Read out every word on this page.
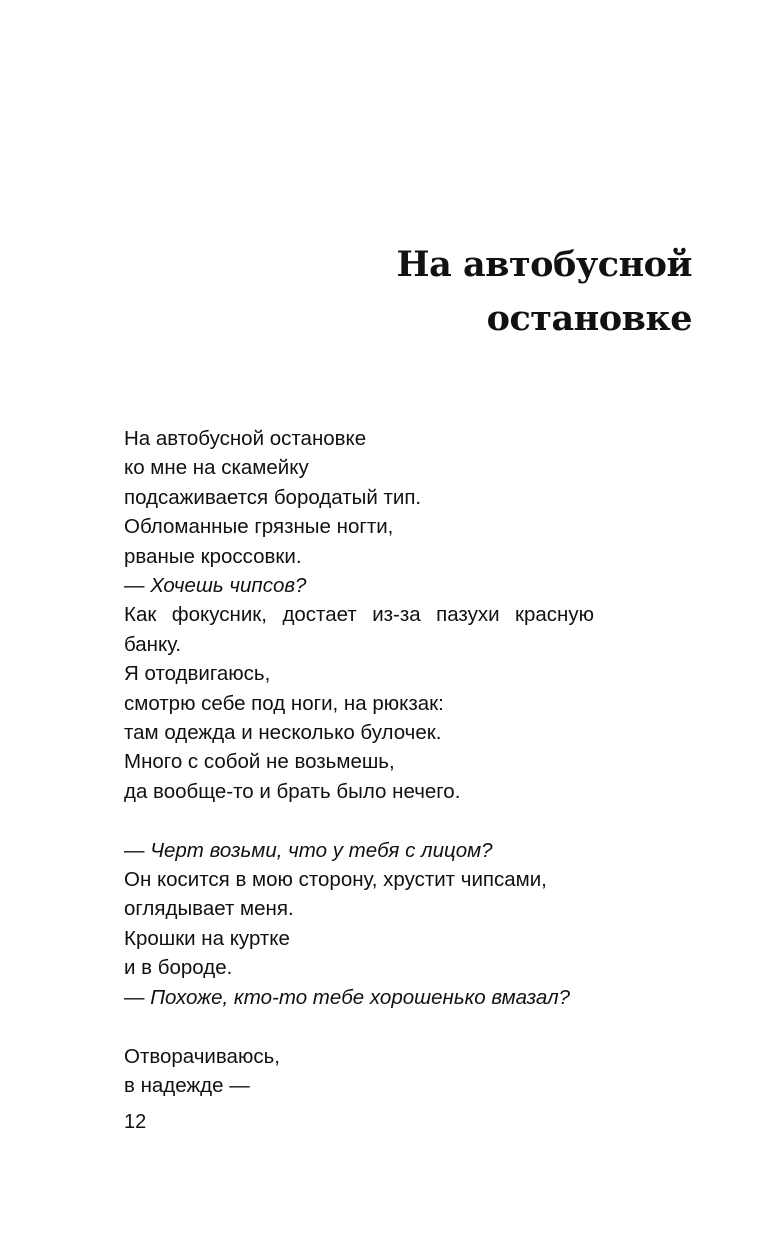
На автобусной
остановке
На автобусной остановке
ко мне на скамейку
подсаживается бородатый тип.
Обломанные грязные ногти,
рваные кроссовки.
— Хочешь чипсов?
Как фокусник, достает из-за пазухи красную
банку.
Я отодвигаюсь,
смотрю себе под ноги, на рюкзак:
там одежда и несколько булочек.
Много с собой не возьмешь,
да вообще-то и брать было нечего.
— Черт возьми, что у тебя с лицом?
Он косится в мою сторону, хрустит чипсами,
оглядывает меня.
Крошки на куртке
и в бороде.
— Похоже, кто-то тебе хорошенько вмазал?
Отворачиваюсь,
в надежде —
12
